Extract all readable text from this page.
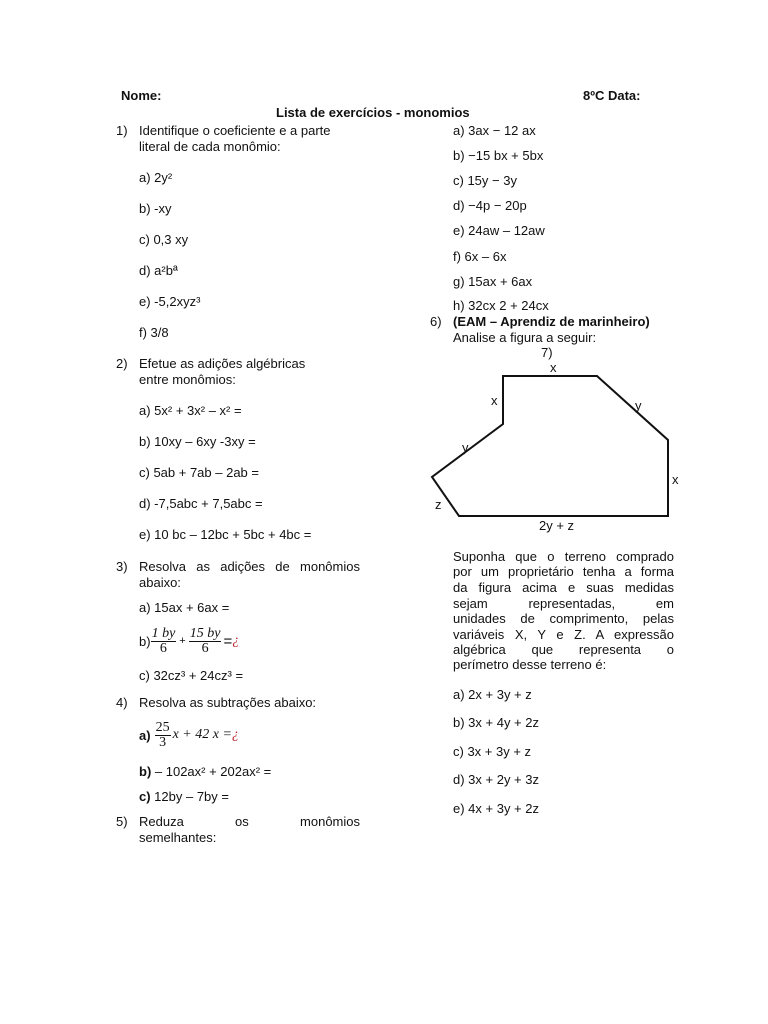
Nome:	8ºC Data:
Lista de exercícios - monomios
1) Identifique o coeficiente e a parte
literal de cada monômio:
a) 2y²
b) -xy
c) 0,3 xy
d) a²bª
e) -5,2xyz³
f) 3/8
2) Efetue as adições algébricas
entre monômios:
a) 5x² + 3x² – x² =
b) 10xy – 6xy -3xy =
c) 5ab + 7ab – 2ab =
d) -7,5abc + 7,5abc =
e) 10 bc – 12bc + 5bc + 4bc =
3) Resolva as adições de monômios
abaixo:
a) 15ax + 6ax =
$b) \frac{1 by}{6} + \frac{15 by}{6}$ = ¿
c) 32cz³ + 24cz³ =
4) Resolva as subtrações abaixo:
$a) \frac{25}{3}$ x + 42 x = ¿
b) – 102ax² + 202ax² =
c) 12by – 7by =
5) Reduza os monômios
semelhantes:
a) 3ax − 12 ax
b) −15 bx + 5bx
c) 15y − 3y
d) −4p − 20p
e) 24aw – 12aw
f) 6x – 6x
g) 15ax + 6ax
h) 32cx 2 + 24cx
6) (EAM – Aprendiz de marinheiro)
Analise a figura a seguir:
7)
x
x	y
y
x
z
2y + z
Suponha que o terreno comprado
por um proprietário tenha a forma
da figura acima e suas medidas
sejam representadas, em
unidades de comprimento, pelas
variáveis X, Y e Z. A expressão
algébrica que representa o
perímetro desse terreno é:
a) 2x + 3y + z
b) 3x + 4y + 2z
c) 3x + 3y + z
d) 3x + 2y + 3z
e) 4x + 3y + 2z
